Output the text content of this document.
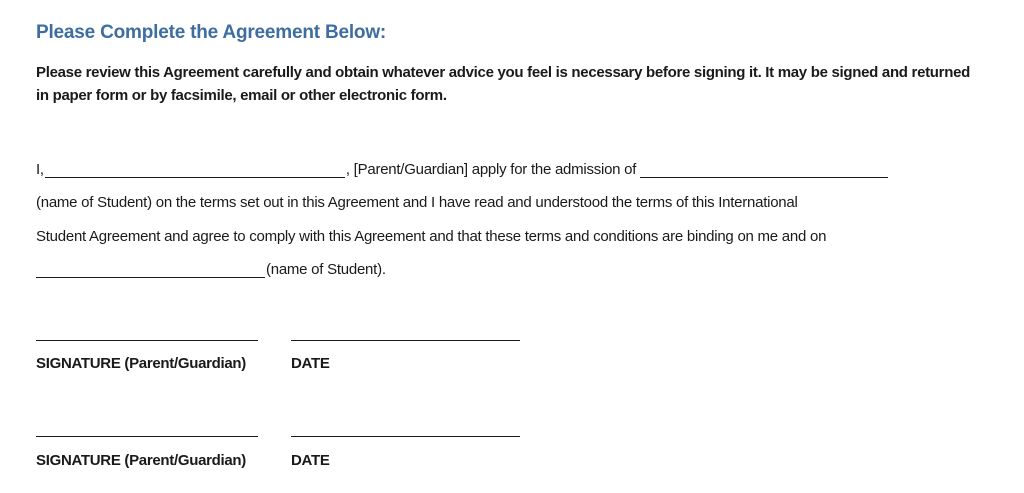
Please Complete the Agreement Below:
Please review this Agreement carefully and obtain whatever advice you feel is necessary before signing it. It may be signed and returned in paper form or by facsimile, email or other electronic form.
I,	, [Parent/Guardian] apply for the admission of
(name of Student) on the terms set out in this Agreement and I have read and understood the terms of this International
Student Agreement and agree to comply with this Agreement and that these terms and conditions are binding on me and on
(name of Student).
SIGNATURE (Parent/Guardian)	DATE
SIGNATURE (Parent/Guardian)	DATE
